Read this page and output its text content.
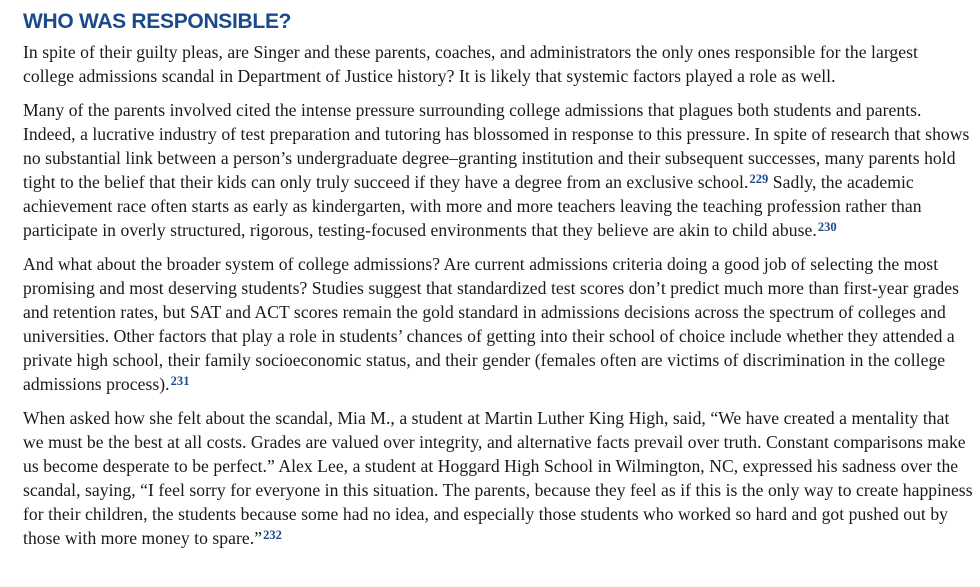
WHO WAS RESPONSIBLE?

In spite of their guilty pleas, are Singer and these parents, coaches, and administrators the only ones responsible for the largest college admissions scandal in Department of Justice history? It is likely that systemic factors played a role as well.

Many of the parents involved cited the intense pressure surrounding college admissions that plagues both students and parents. Indeed, a lucrative industry of test preparation and tutoring has blossomed in response to this pressure. In spite of research that shows no substantial link between a person’s undergraduate degree–granting institution and their subsequent successes, many parents hold tight to the belief that their kids can only truly succeed if they have a degree from an exclusive school.$^{229}$ Sadly, the academic achievement race often starts as early as kindergarten, with more and more teachers leaving the teaching profession rather than participate in overly structured, rigorous, testing-focused environments that they believe are akin to child abuse.$^{230}$

And what about the broader system of college admissions? Are current admissions criteria doing a good job of selecting the most promising and most deserving students? Studies suggest that standardized test scores don’t predict much more than first-year grades and retention rates, but SAT and ACT scores remain the gold standard in admissions decisions across the spectrum of colleges and universities. Other factors that play a role in students’ chances of getting into their school of choice include whether they attended a private high school, their family socioeconomic status, and their gender (females often are victims of discrimination in the college admissions process).$^{231}$

When asked how she felt about the scandal, Mia M., a student at Martin Luther King High, said, “We have created a mentality that we must be the best at all costs. Grades are valued over integrity, and alternative facts prevail over truth. Constant comparisons make us become desperate to be perfect.” Alex Lee, a student at Hoggard High School in Wilmington, NC, expressed his sadness over the scandal, saying, “I feel sorry for everyone in this situation. The parents, because they feel as if this is the only way to create happiness for their children, the students because some had no idea, and especially those students who worked so hard and got pushed out by those with more money to spare.”$^{232}$
